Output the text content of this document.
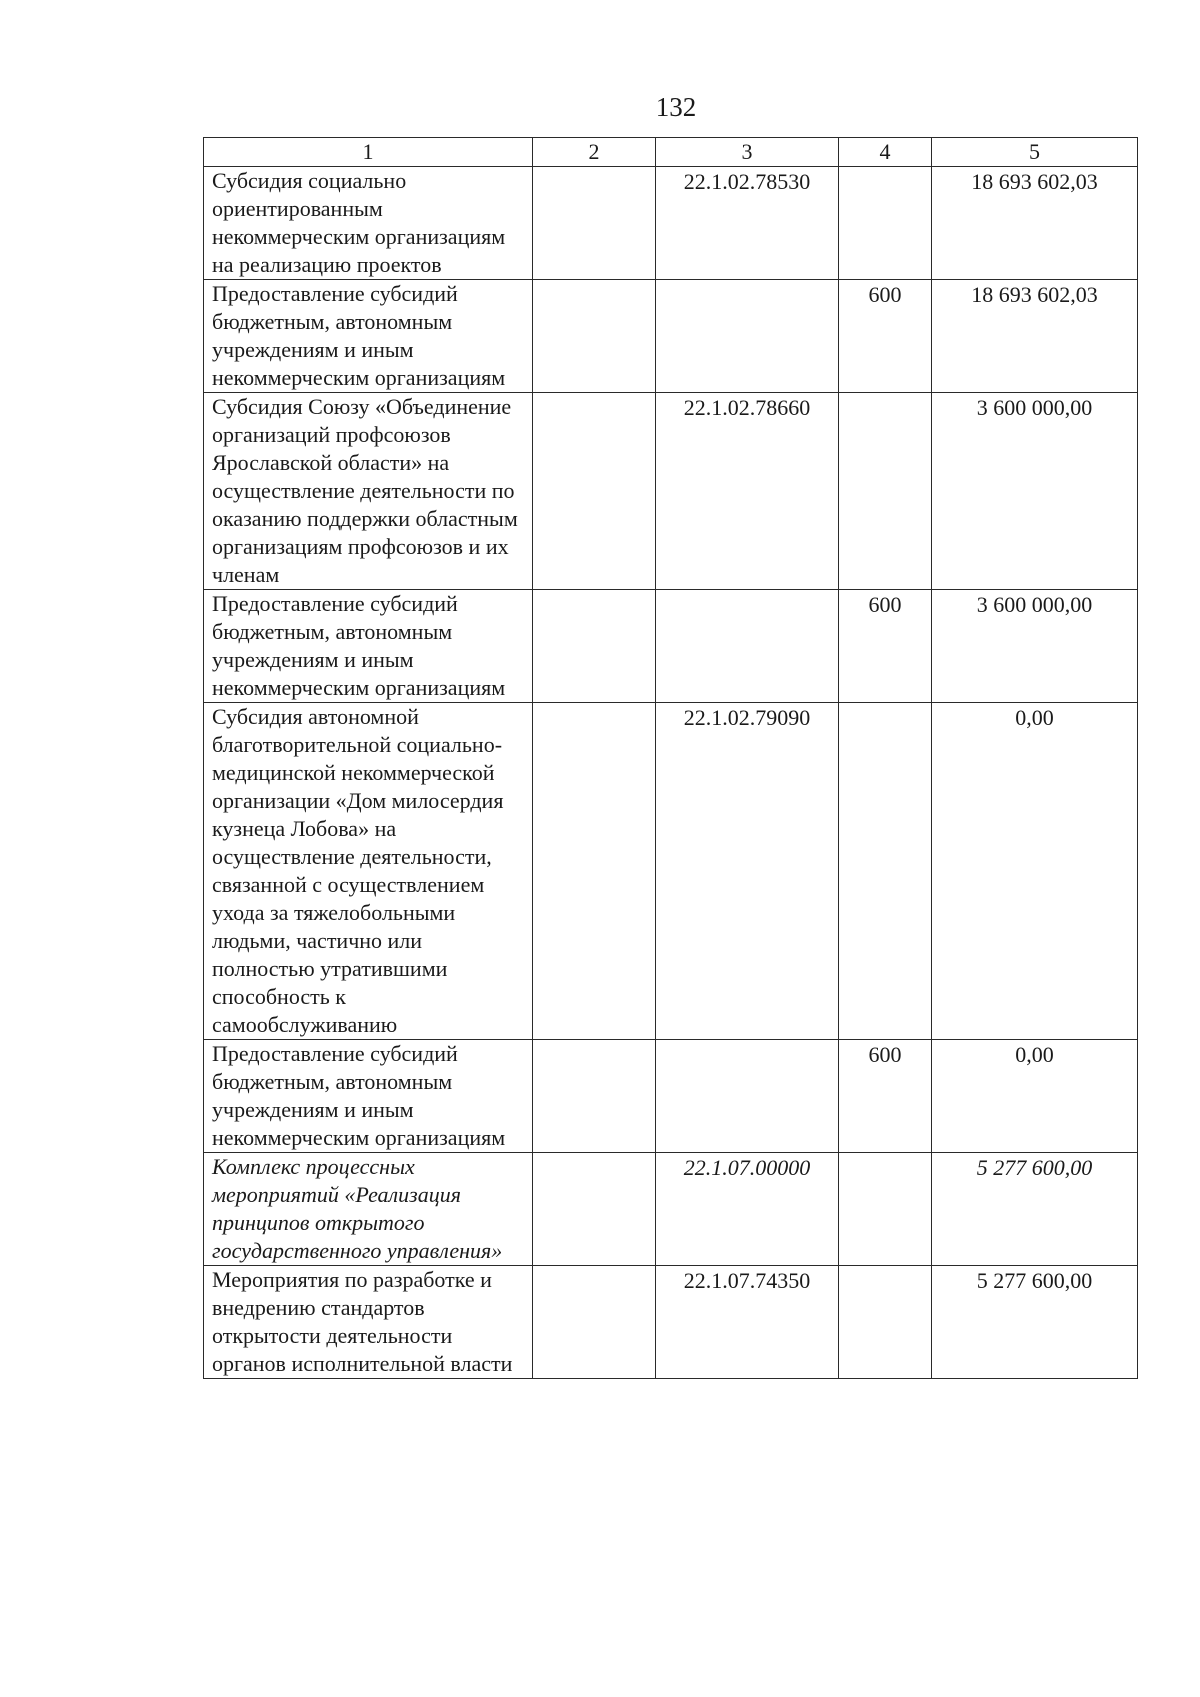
132
1	2	3	4	5
Субсидия социально ориентированным некоммерческим организациям на реализацию проектов		22.1.02.78530		18 693 602,03
Предоставление субсидий бюджетным, автономным учреждениям и иным некоммерческим организациям			600	18 693 602,03
Субсидия Союзу «Объединение организаций профсоюзов Ярославской области» на осуществление деятельности по оказанию поддержки областным организациям профсоюзов и их членам		22.1.02.78660		3 600 000,00
Предоставление субсидий бюджетным, автономным учреждениям и иным некоммерческим организациям			600	3 600 000,00
Субсидия автономной благотворительной социально-медицинской некоммерческой организации «Дом милосердия кузнеца Лобова» на осуществление деятельности, связанной с осуществлением ухода за тяжелобольными людьми, частично или полностью утратившими способность к самообслуживанию		22.1.02.79090		0,00
Предоставление субсидий бюджетным, автономным учреждениям и иным некоммерческим организациям			600	0,00
Комплекс процессных мероприятий «Реализация принципов открытого государственного управления»		22.1.07.00000		5 277 600,00
Мероприятия по разработке и внедрению стандартов открытости деятельности органов исполнительной власти		22.1.07.74350		5 277 600,00
